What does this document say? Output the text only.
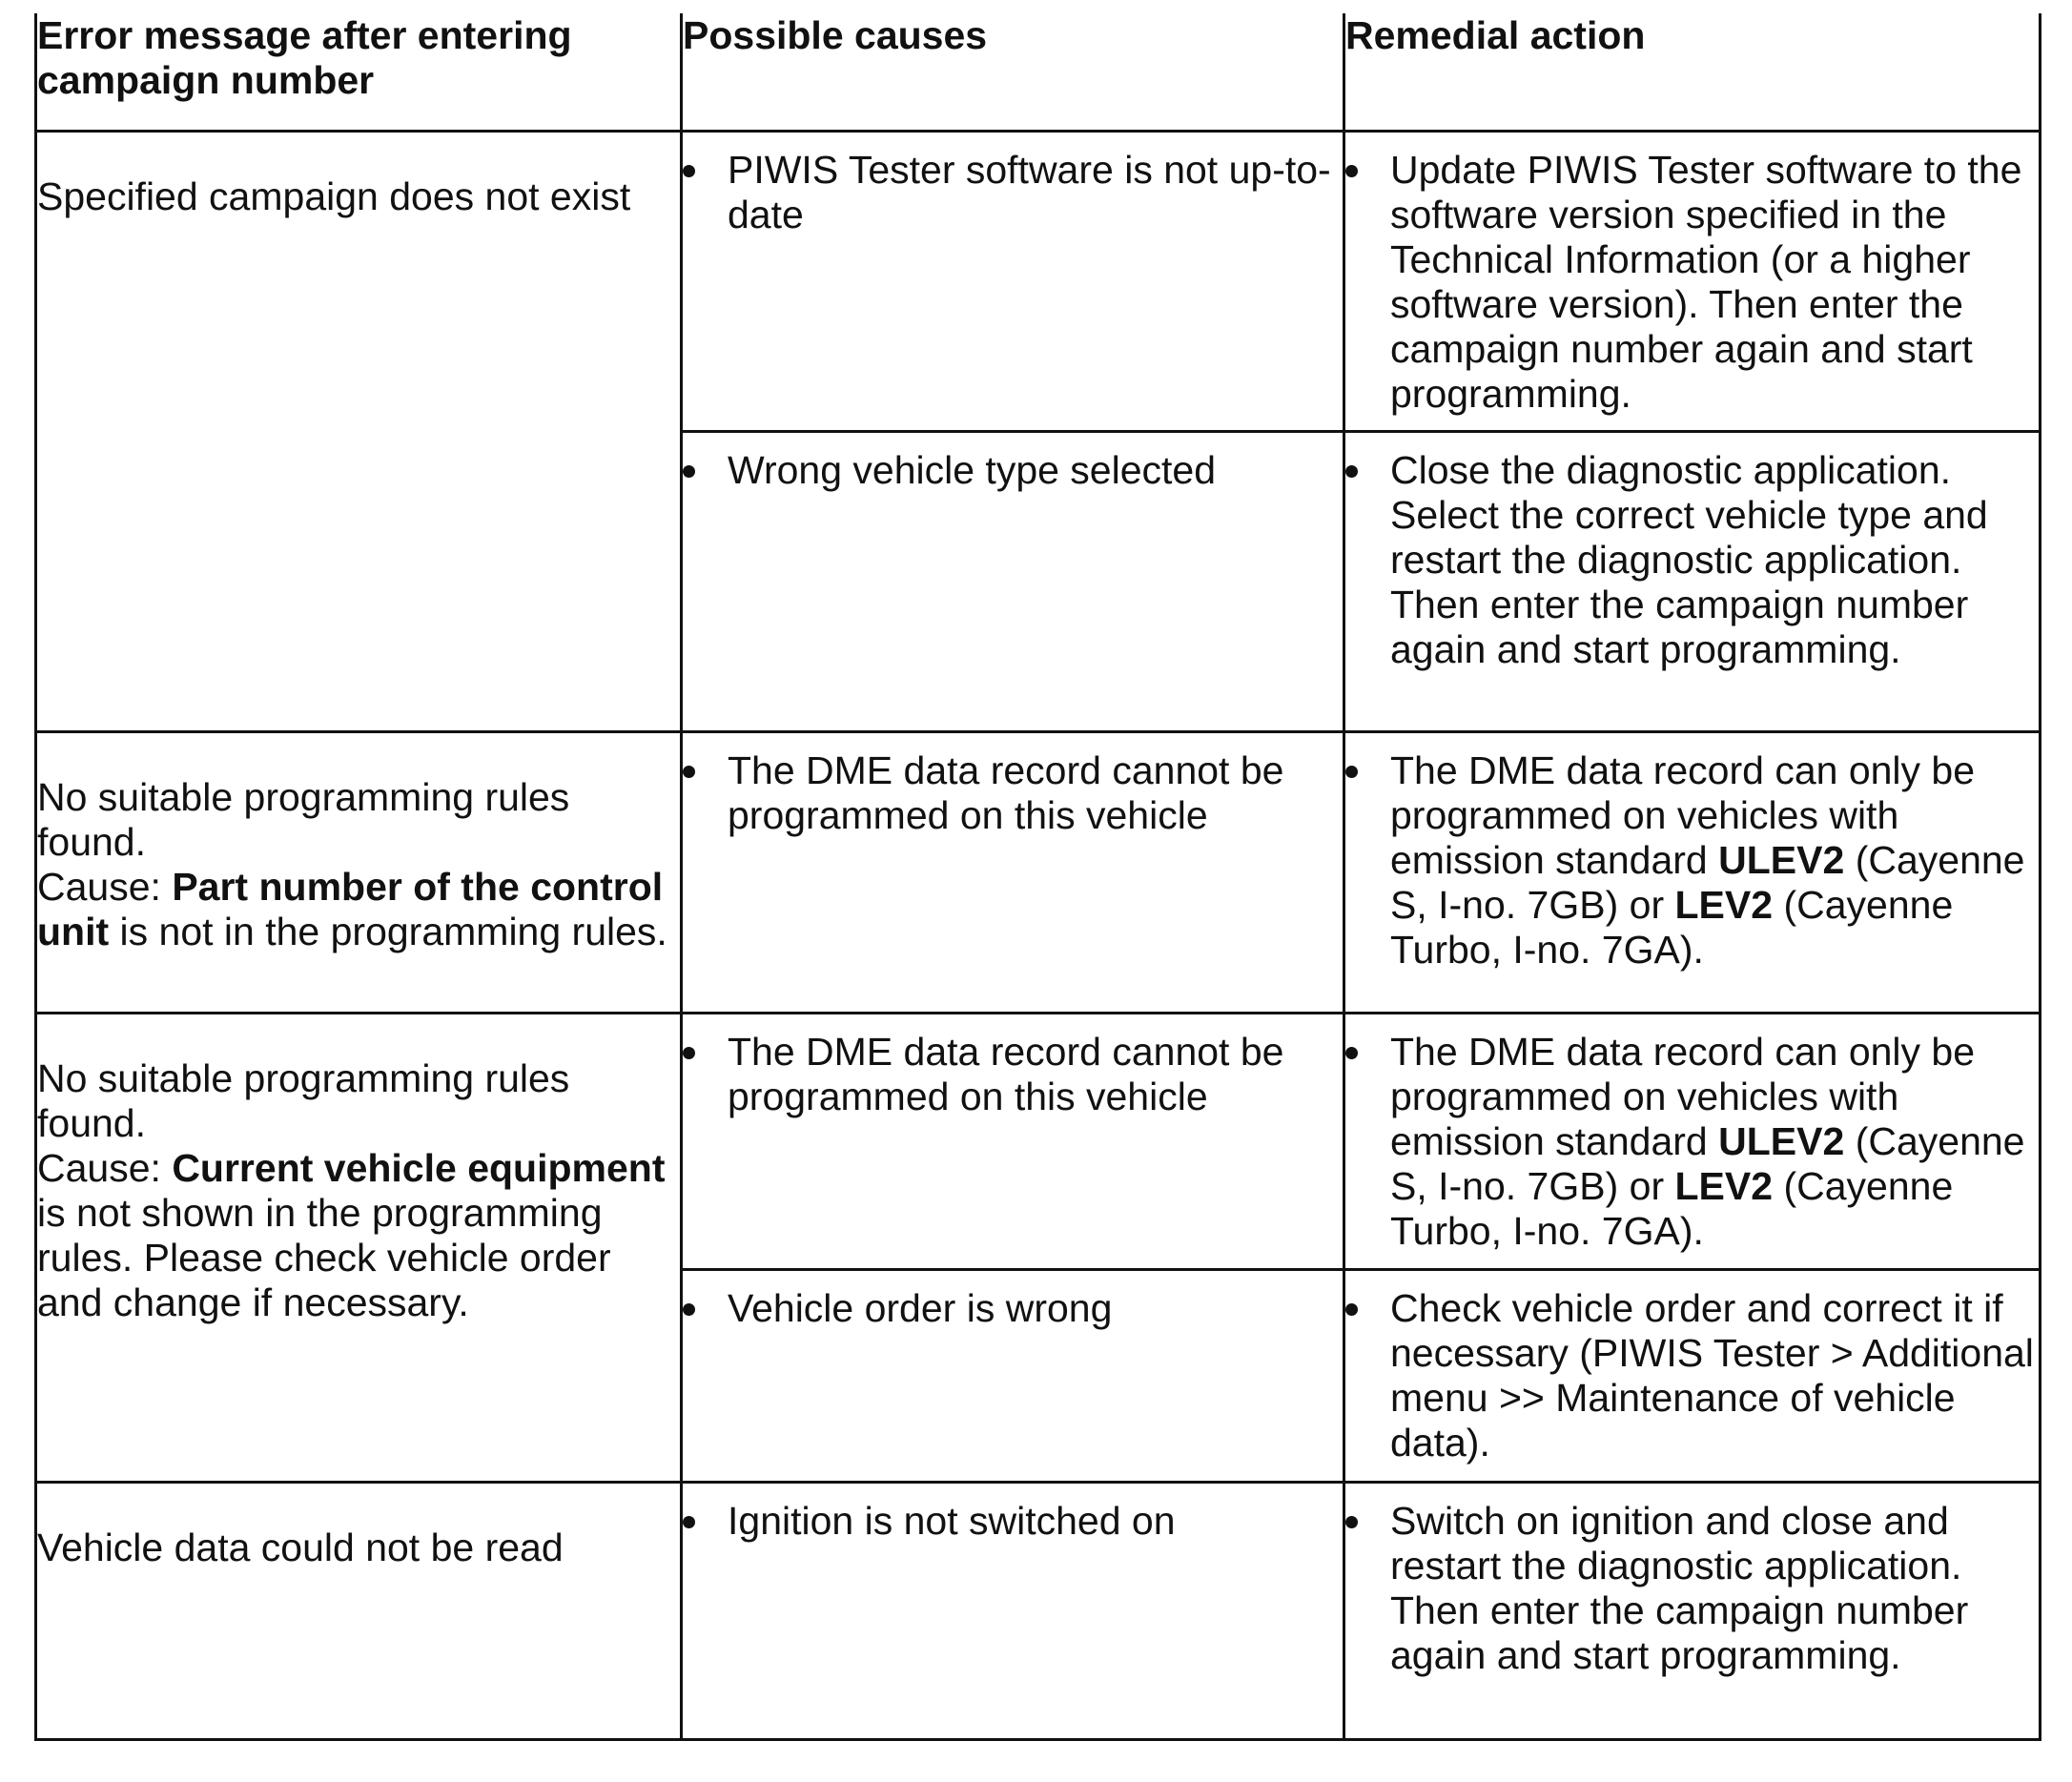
Error message after entering campaign number	Possible causes	Remedial action
Specified campaign does not exist	PIWIS Tester software is not up-to-date	Update PIWIS Tester software to the software version specified in the Technical Information (or a higher software version). Then enter the campaign number again and start programming.

	Wrong vehicle type selected	Close the diagnostic application. Select the correct vehicle type and restart the diagnostic application. Then enter the campaign number again and start programming.

No suitable programming rules found.
Cause: Part number of the control unit is not in the programming rules.	The DME data record cannot be programmed on this vehicle	The DME data record can only be programmed on vehicles with emission standard ULEV2 (Cayenne S, I-no. 7GB) or LEV2 (Cayenne Turbo, I-no. 7GA).

No suitable programming rules found.
Cause: Current vehicle equipment is not shown in the programming rules. Please check vehicle order and change if necessary.	The DME data record cannot be programmed on this vehicle	The DME data record can only be programmed on vehicles with emission standard ULEV2 (Cayenne S, I-no. 7GB) or LEV2 (Cayenne Turbo, I-no. 7GA).

	Vehicle order is wrong	Check vehicle order and correct it if necessary (PIWIS Tester > Additional menu >> Maintenance of vehicle data).

Vehicle data could not be read	Ignition is not switched on	Switch on ignition and close and restart the diagnostic application. Then enter the campaign number again and start programming.
